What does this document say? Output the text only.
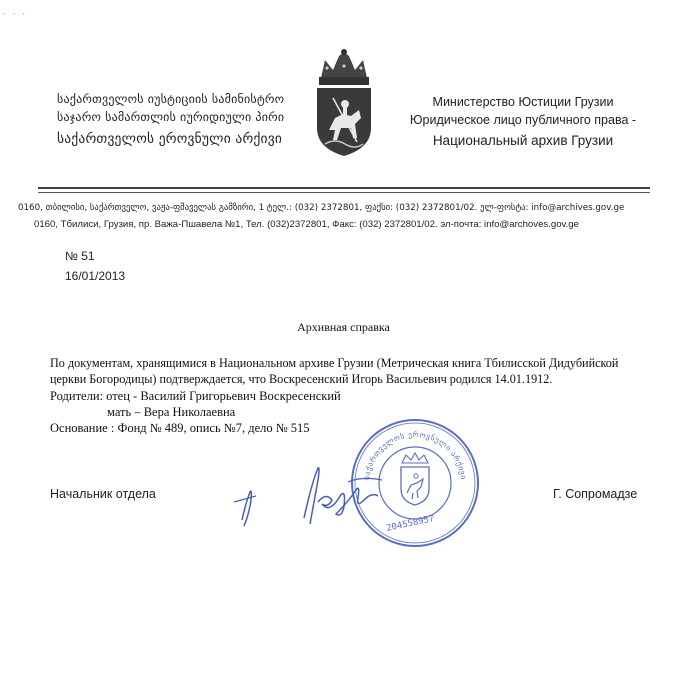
- - ·
საქართველოს იუსტიციის სამინისტრო
საჯარო სამართლის იურიდიული პირი
საქართველოს ეროვნული არქივი
Министерство Юстиции Грузии
Юридическое лицо публичного права -
Национальный архив Грузии
0160, თბილისი, საქართველო, ვაჟა-ფშაველას გამზირი, 1 ტელ.: (032) 2372801, ფაქსი: (032) 2372801/02. ელ-ფოსტა: info@archives.gov.ge
0160, Тбилиси, Грузия, пр. Важа-Пшавела №1, Тел. (032)2372801, Факс: (032) 2372801/02. эл-почта: info@archoves.gov.ge
№ 51
16/01/2013
Архивная справка
По документам, хранящимися в Национальном архиве Грузии (Метрическая книга Тбилисской Дидубийской
церкви Богородицы) подтверждается, что Воскресенский Игорь Васильевич родился 14.01.1912.
Родители: отец - Василий Григорьевич Воскресенский
мать – Вера Николаевна
Основание : Фонд № 489, опись №7, дело № 515
საქართველოს ეროვნული არქივი
204558957
Начальник отдела	Г. Сопромадзе
